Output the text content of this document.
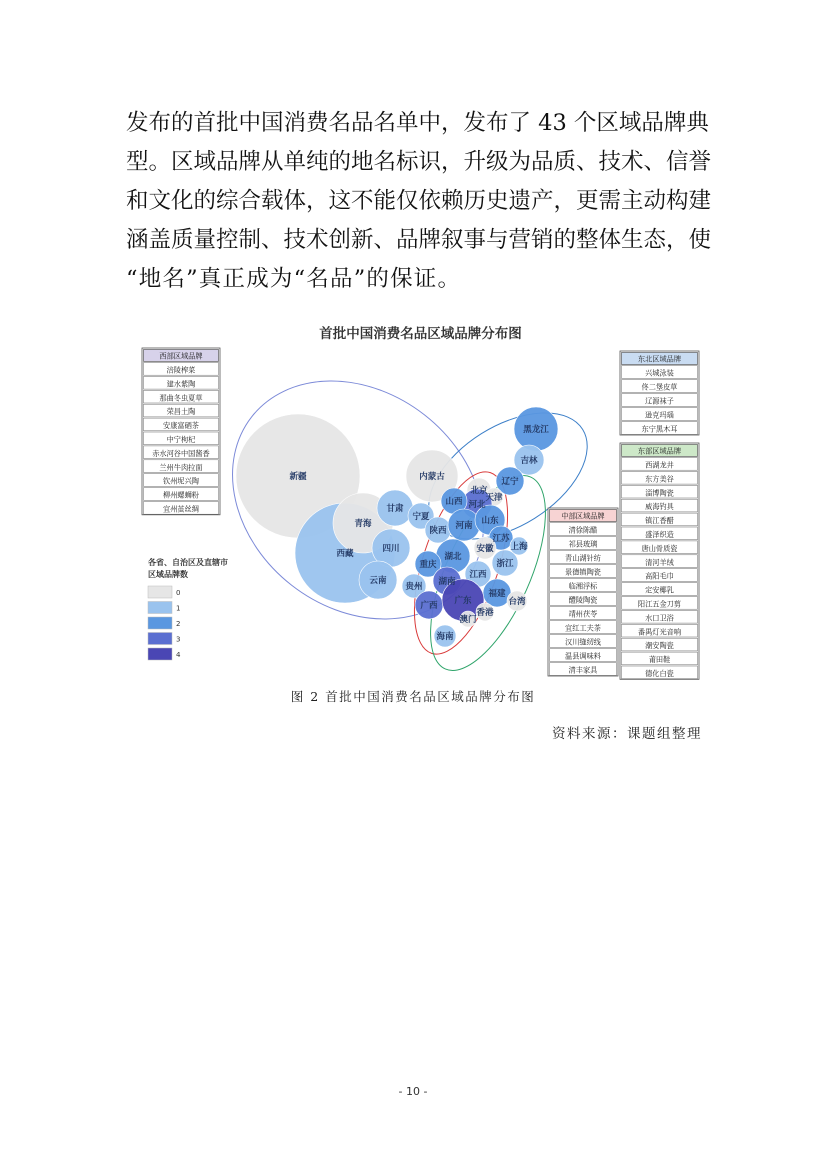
发布的首批中国消费名品名单中，发布了 43 个区域品牌典
型。区域品牌从单纯的地名标识，升级为品质、技术、信誉
和文化的综合载体，这不能仅依赖历史遗产，更需主动构建
涵盖质量控制、技术创新、品牌叙事与营销的整体生态，使
“地名”真正成为“名品”的保证。
首批中国消费名品区域品牌分布图
新疆
西藏
青海
甘肃
宁夏
四川
云南
内蒙古
黑龙江
吉林
辽宁
北京
天津
河北
山西
陕西 河南 山东
江苏
安徽 上海
湖北
浙江
重庆
贵州 湖南
江西
福建
台湾
广西 广东
香港
澳门
海南
西部区域品牌
涪陵榨菜
建水紫陶
那曲冬虫夏草
荣昌土陶
安康富硒茶
中宁枸杞
赤水河谷中国酱香
兰州牛肉拉面
钦州坭兴陶
柳州螺蛳粉
宜州茧丝绸
东北区域品牌
兴城泳装
佟二堡皮草
辽源袜子
逊克玛瑙
东宁黑木耳
中部区域品牌
清徐陈醋
祁县玻璃
青山湖针纺
景德镇陶瓷
临湘浮标
醴陵陶瓷
靖州茯苓
宜红工夫茶
汉川缝纫线
温县调味料
清丰家具
东部区域品牌
西湖龙井
东方美谷
淄博陶瓷
威海钓具
镇江香醋
盛泽织造
唐山骨质瓷
清河羊绒
高阳毛巾
定安椰乳
阳江五金刀剪
水口卫浴
番禺灯光音响
潮安陶瓷
莆田鞋
德化白瓷
各省、自治区及直辖市
区域品牌数
0
1
2
3
4
图 2 首批中国消费名品区域品牌分布图
资料来源：课题组整理
- 10 -
